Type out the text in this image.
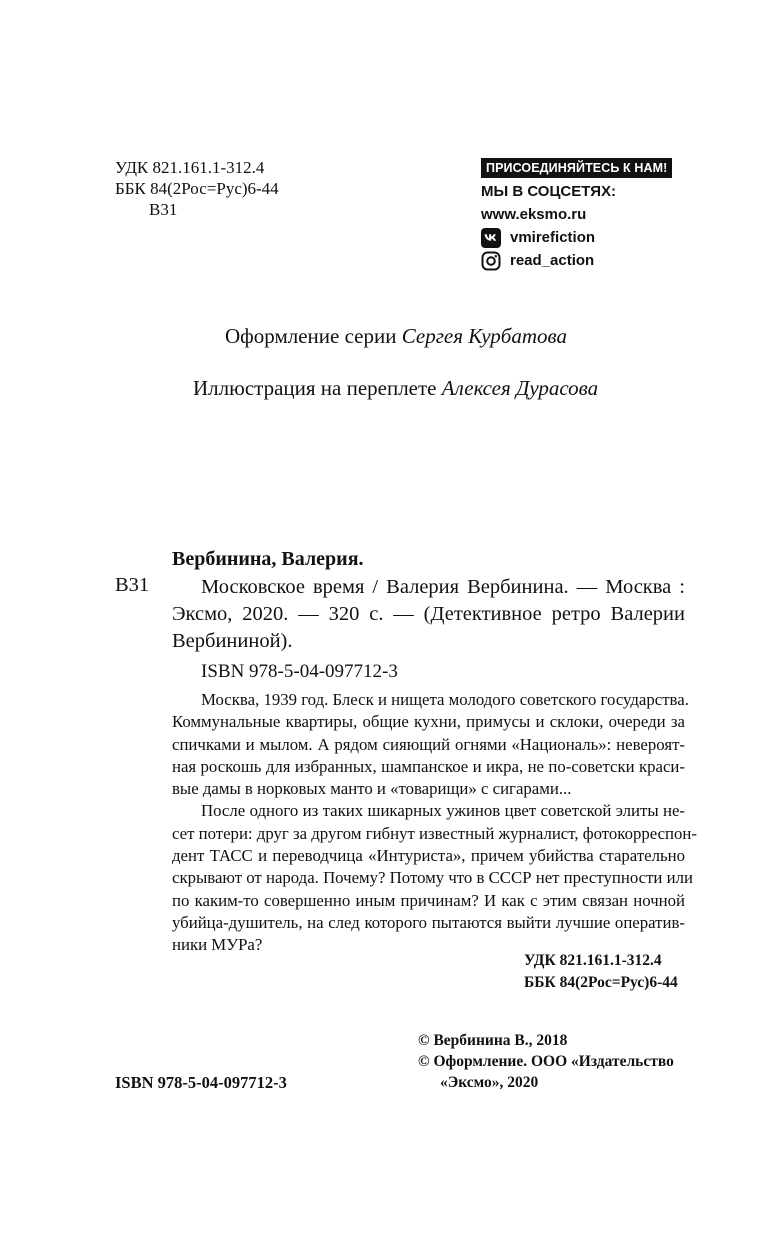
УДК 821.161.1-312.4
ББК 84(2Рос=Рус)6-44
В31
ПРИСОЕДИНЯЙТЕСЬ К НАМ!
МЫ В СОЦСЕТЯХ:
www.eksmo.ru
vmirefiction
read_action
Оформление серии Сергея Курбатова
Иллюстрация на переплете Алексея Дурасова
Вербинина, Валерия.
В31	Московское время / Валерия Вербинина. — Москва :
Эксмо, 2020. — 320 с. — (Детективное ретро Валерии
Вербининой).
ISBN 978-5-04-097712-3
Москва, 1939 год. Блеск и нищета молодого советского государства.
Коммунальные квартиры, общие кухни, примусы и склоки, очереди за
спичками и мылом. А рядом сияющий огнями «Националь»: невероят-
ная роскошь для избранных, шампанское и икра, не по-советски краси-
вые дамы в норковых манто и «товарищи» с сигарами...
После одного из таких шикарных ужинов цвет советской элиты не-
сет потери: друг за другом гибнут известный журналист, фотокорреспон-
дент ТАСС и переводчица «Интуриста», причем убийства старательно
скрывают от народа. Почему? Потому что в СССР нет преступности или
по каким-то совершенно иным причинам? И как с этим связан ночной
убийца-душитель, на след которого пытаются выйти лучшие оператив-
ники МУРа?
УДК 821.161.1-312.4
ББК 84(2Рос=Рус)6-44
© Вербинина В., 2018
© Оформление. ООО «Издательство
«Эксмо», 2020
ISBN 978-5-04-097712-3
